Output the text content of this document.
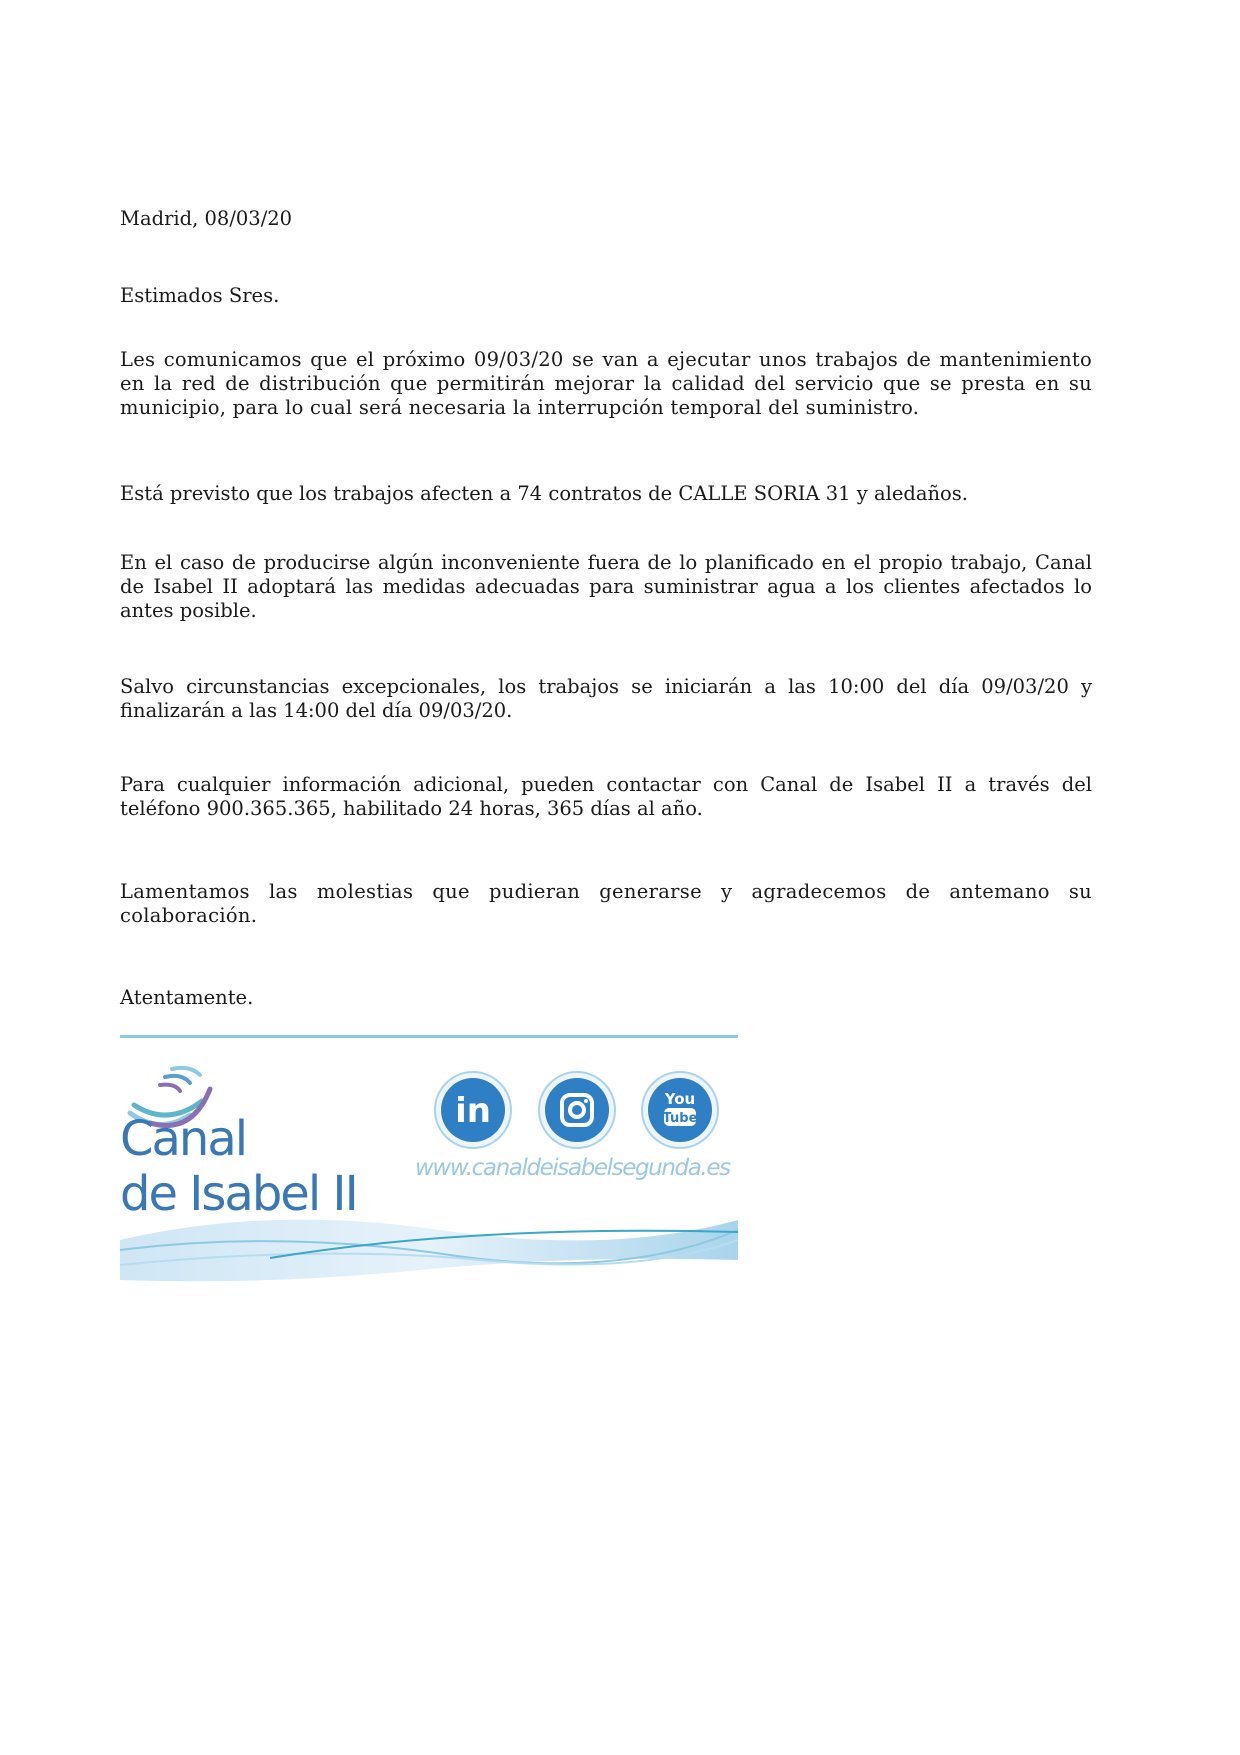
Madrid, 08/03/20

Estimados Sres.

Les comunicamos que el próximo 09/03/20 se van a ejecutar unos trabajos de mantenimiento en la red de distribución que permitirán mejorar la calidad del servicio que se presta en su municipio, para lo cual será necesaria la interrupción temporal del suministro.

Está previsto que los trabajos afecten a 74 contratos de CALLE SORIA 31 y aledaños.

En el caso de producirse algún inconveniente fuera de lo planificado en el propio trabajo, Canal de Isabel II adoptará las medidas adecuadas para suministrar agua a los clientes afectados lo antes posible.

Salvo circunstancias excepcionales, los trabajos se iniciarán a las 10:00 del día 09/03/20 y finalizarán a las 14:00 del día 09/03/20.

Para cualquier información adicional, pueden contactar con Canal de Isabel II a través del teléfono 900.365.365, habilitado 24 horas, 365 días al año.

Lamentamos las molestias que pudieran generarse y agradecemos de antemano su colaboración.

Atentamente.

Canal
de Isabel II
in	You
Tube
www.canaldeisabelsegunda.es
